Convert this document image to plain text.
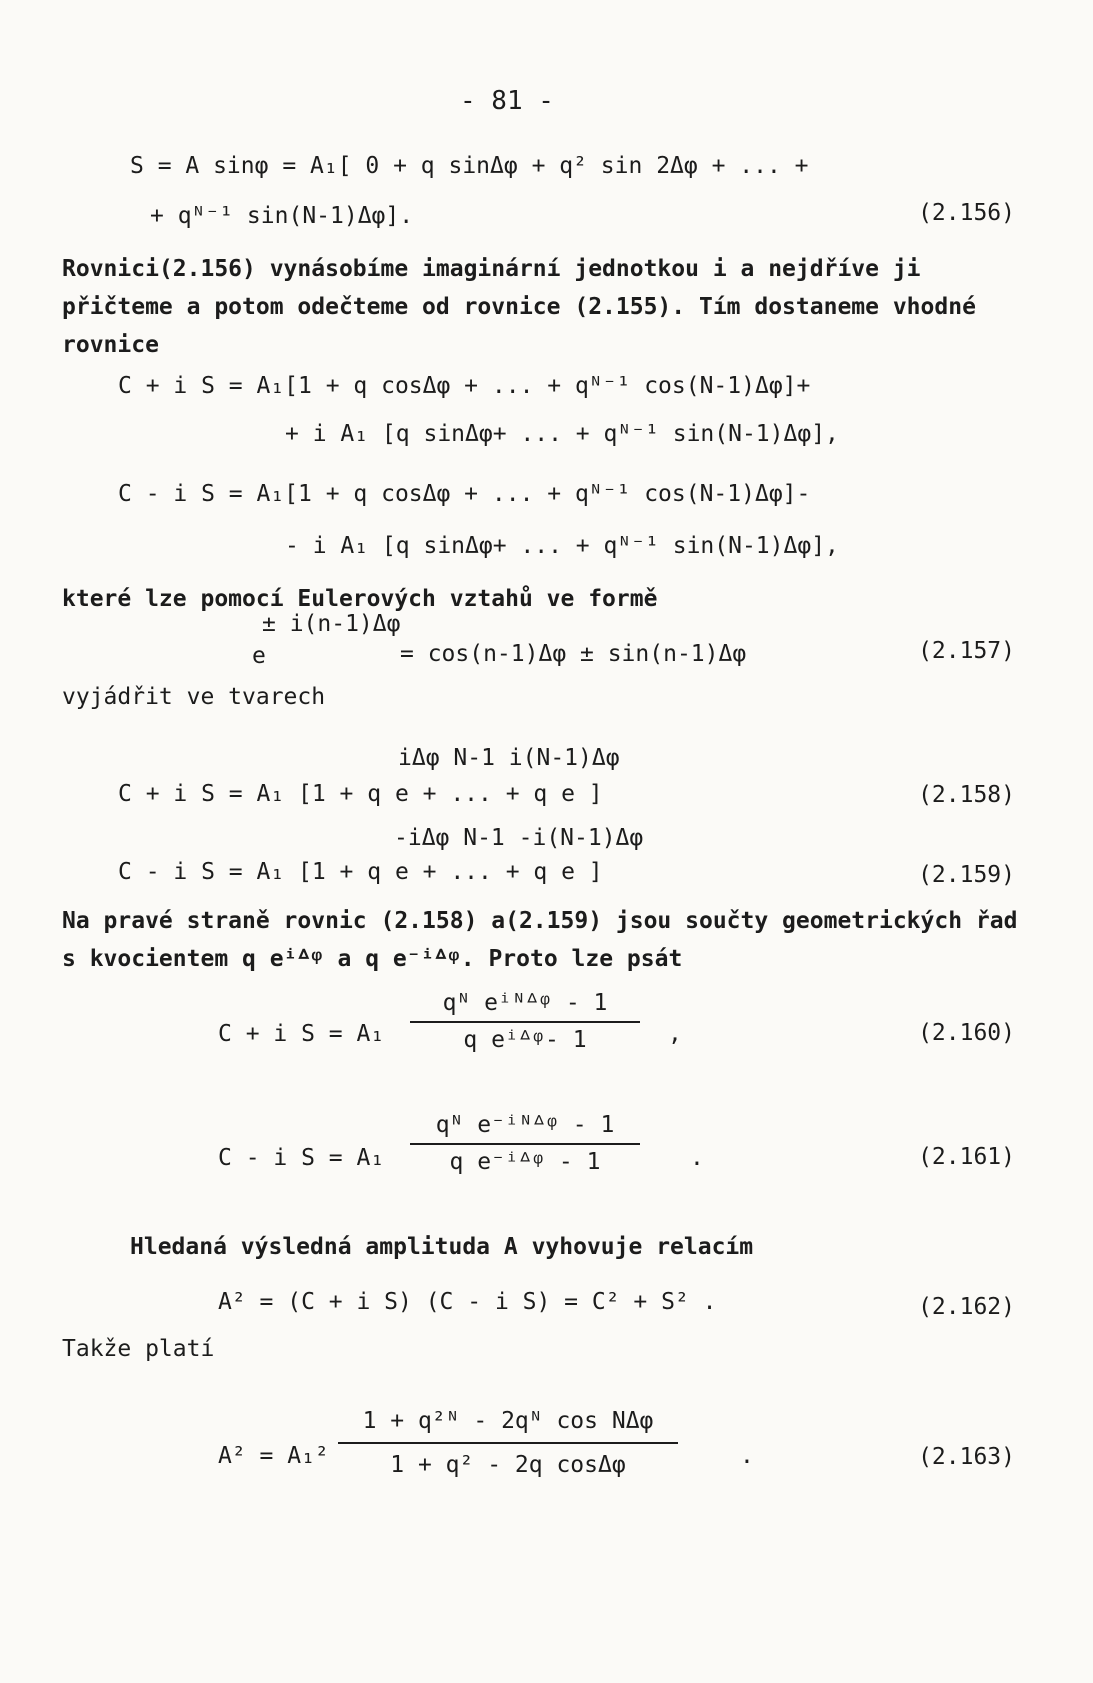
- 81 -
S = A sinφ = A₁[ 0 + q sinΔφ + q² sin 2Δφ + ... +
+ qᴺ⁻¹ sin(N-1)Δφ].	(2.156)
Rovnici(2.156) vynásobíme imaginární jednotkou i a nejdříve ji přičteme a potom odečteme od rovnice (2.155). Tím dostaneme vhodné rovnice
C + i S = A₁[1 + q cosΔφ + ... + qᴺ⁻¹ cos(N-1)Δφ]+
+ i A₁ [q sinΔφ+ ... + qᴺ⁻¹ sin(N-1)Δφ],
C - i S = A₁[1 + q cosΔφ + ... + qᴺ⁻¹ cos(N-1)Δφ]-
- i A₁ [q sinΔφ+ ... + qᴺ⁻¹ sin(N-1)Δφ],
které lze pomocí Eulerových vztahů ve formě
± i(n-1)Δφ
e	= cos(n-1)Δφ ± sin(n-1)Δφ	(2.157)
vyjádřit ve tvarech
iΔφ N-1 i(N-1)Δφ
C + i S = A₁ [1 + q e + ... + q e ]	(2.158)
-iΔφ N-1 -i(N-1)Δφ
C - i S = A₁ [1 + q e + ... + q e ]	(2.159)
Na pravé straně rovnic (2.158) a(2.159) jsou součty geometrických řad s kvocientem q eⁱᐞᵠ a q e⁻ⁱᐞᵠ. Proto lze psát
C + i S = A₁
qᴺ eⁱᴺᐞᵠ - 1
q eⁱᐞᵠ- 1	,	(2.160)
C - i S = A₁
qᴺ e⁻ⁱᴺᐞᵠ - 1
q e⁻ⁱᐞᵠ - 1	.	(2.161)
Hledaná výsledná amplituda A vyhovuje relacím
A² = (C + i S) (C - i S) = C² + S² .	(2.162)
Takže platí
A² = A₁²
1 + q²ᴺ - 2qᴺ cos NΔφ
1 + q² - 2q cosΔφ	.	(2.163)
